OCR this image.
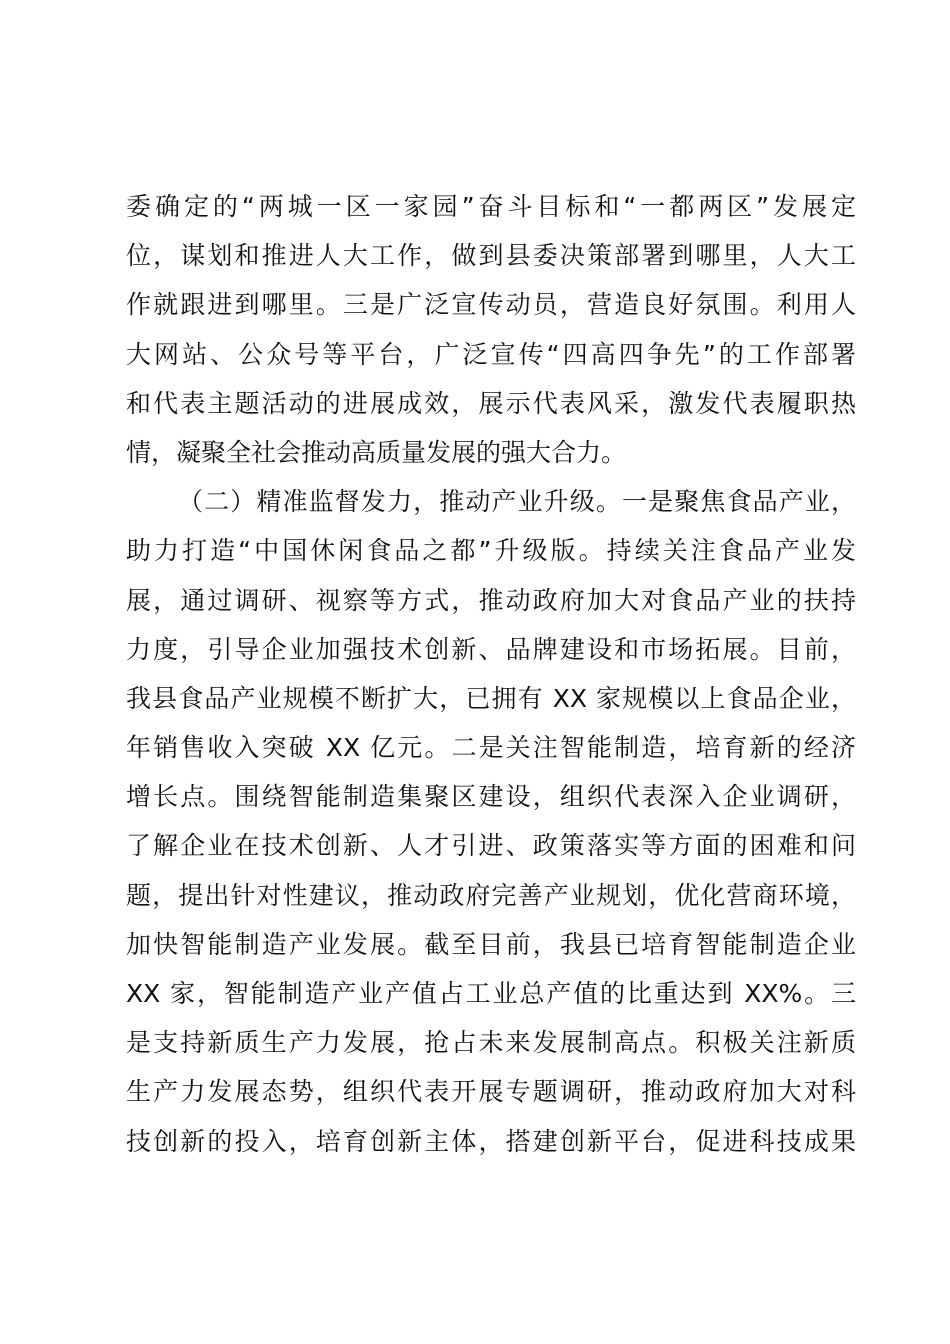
委确定的“两城一区一家园”奋斗目标和“一都两区”发展定
位，谋划和推进人大工作，做到县委决策部署到哪里，人大工
作就跟进到哪里。三是广泛宣传动员，营造良好氛围。利用人
大网站、公众号等平台，广泛宣传“四高四争先”的工作部署
和代表主题活动的进展成效，展示代表风采，激发代表履职热
情，凝聚全社会推动高质量发展的强大合力。
（二）精准监督发力，推动产业升级。一是聚焦食品产业，
助力打造“中国休闲食品之都”升级版。持续关注食品产业发
展，通过调研、视察等方式，推动政府加大对食品产业的扶持
力度，引导企业加强技术创新、品牌建设和市场拓展。目前，
我县食品产业规模不断扩大，已拥有 XX 家规模以上食品企业，
年销售收入突破 XX 亿元。二是关注智能制造，培育新的经济
增长点。围绕智能制造集聚区建设，组织代表深入企业调研，
了解企业在技术创新、人才引进、政策落实等方面的困难和问
题，提出针对性建议，推动政府完善产业规划，优化营商环境，
加快智能制造产业发展。截至目前，我县已培育智能制造企业
XX 家，智能制造产业产值占工业总产值的比重达到 XX%。三
是支持新质生产力发展，抢占未来发展制高点。积极关注新质
生产力发展态势，组织代表开展专题调研，推动政府加大对科
技创新的投入，培育创新主体，搭建创新平台，促进科技成果
